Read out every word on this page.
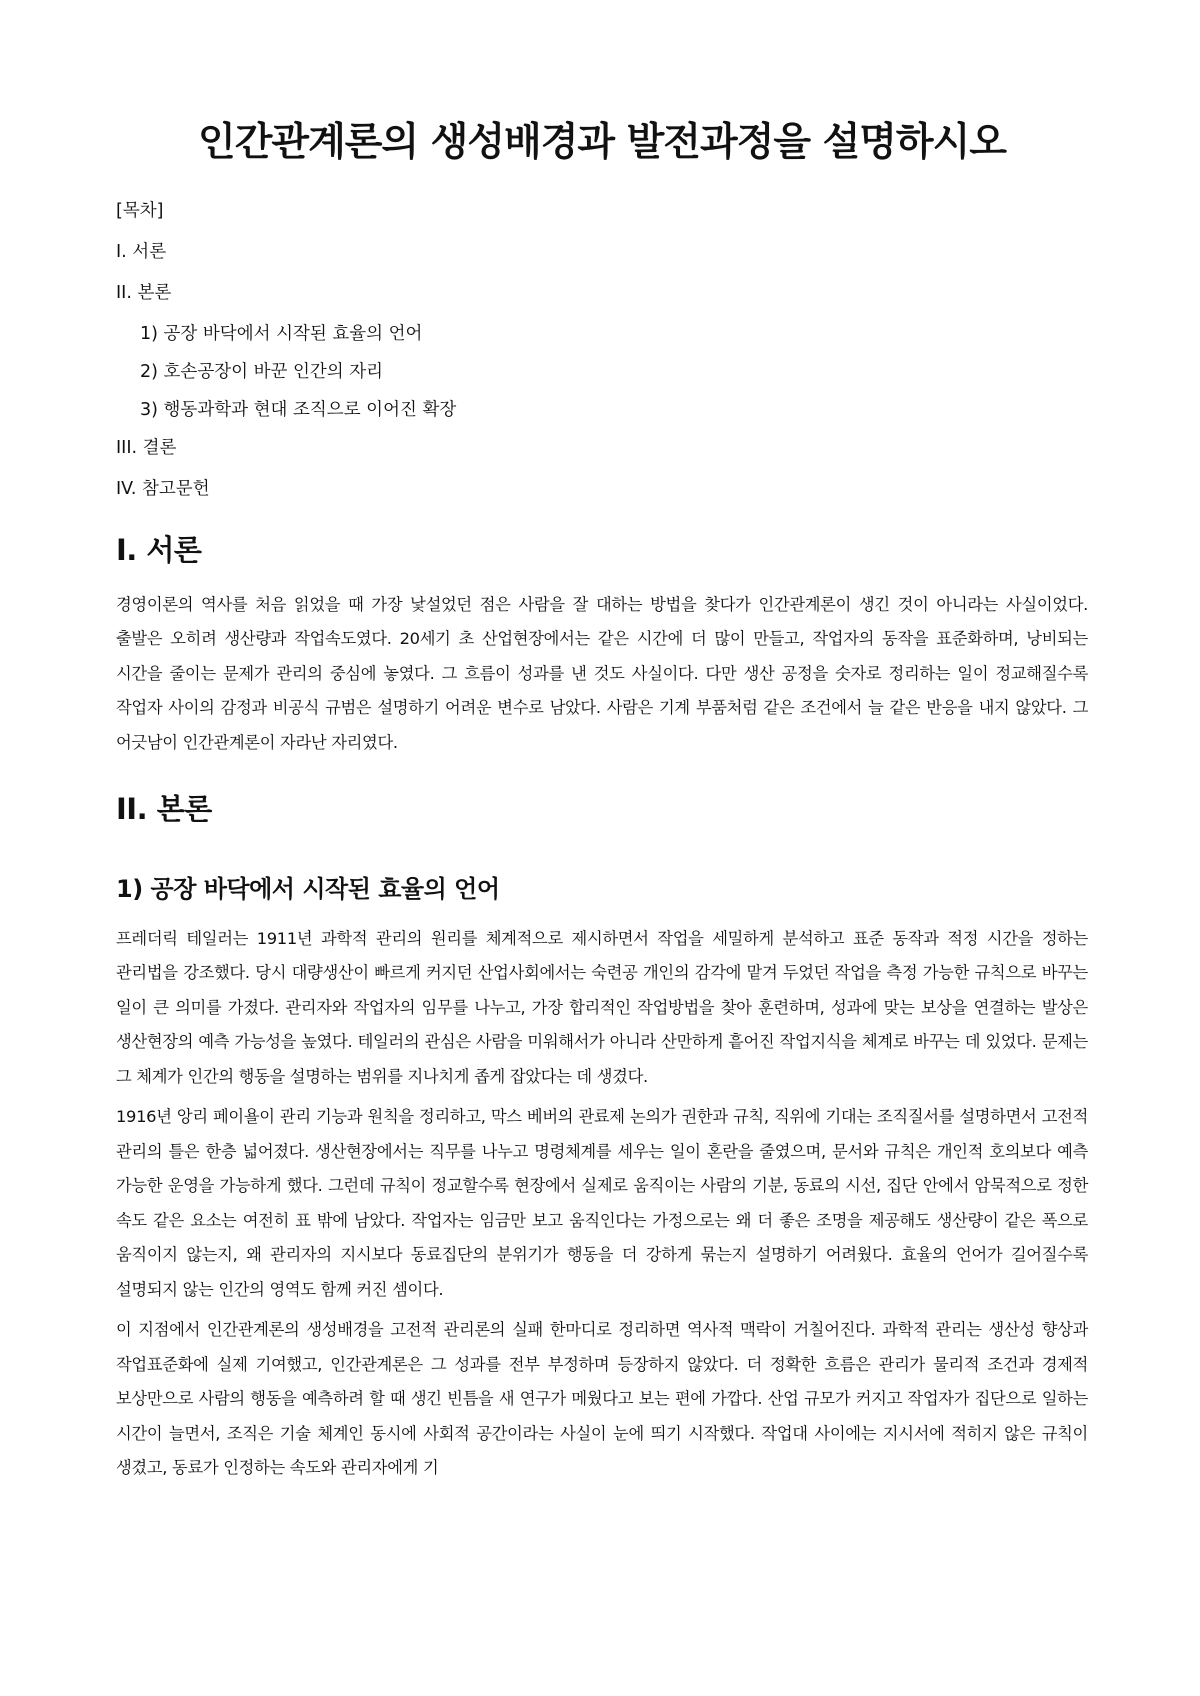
인간관계론의 생성배경과 발전과정을 설명하시오
[목차]
I. 서론
II. 본론
1) 공장 바닥에서 시작된 효율의 언어
2) 호손공장이 바꾼 인간의 자리
3) 행동과학과 현대 조직으로 이어진 확장
III. 결론
IV. 참고문헌
I. 서론

경영이론의 역사를 처음 읽었을 때 가장 낯설었던 점은 사람을 잘 대하는 방법을 찾다가 인간관계론이 생긴 것이 아니라는 사실이었다. 출발은 오히려 생산량과 작업속도였다. 20세기 초 산업현장에서는 같은 시간에 더 많이 만들고, 작업자의 동작을 표준화하며, 낭비되는 시간을 줄이는 문제가 관리의 중심에 놓였다. 그 흐름이 성과를 낸 것도 사실이다. 다만 생산 공정을 숫자로 정리하는 일이 정교해질수록 작업자 사이의 감정과 비공식 규범은 설명하기 어려운 변수로 남았다. 사람은 기계 부품처럼 같은 조건에서 늘 같은 반응을 내지 않았다. 그 어긋남이 인간관계론이 자라난 자리였다.

II. 본론
1) 공장 바닥에서 시작된 효율의 언어

프레더릭 테일러는 1911년 과학적 관리의 원리를 체계적으로 제시하면서 작업을 세밀하게 분석하고 표준 동작과 적정 시간을 정하는 관리법을 강조했다. 당시 대량생산이 빠르게 커지던 산업사회에서는 숙련공 개인의 감각에 맡겨 두었던 작업을 측정 가능한 규칙으로 바꾸는 일이 큰 의미를 가졌다. 관리자와 작업자의 임무를 나누고, 가장 합리적인 작업방법을 찾아 훈련하며, 성과에 맞는 보상을 연결하는 발상은 생산현장의 예측 가능성을 높였다. 테일러의 관심은 사람을 미워해서가 아니라 산만하게 흩어진 작업지식을 체계로 바꾸는 데 있었다. 문제는 그 체계가 인간의 행동을 설명하는 범위를 지나치게 좁게 잡았다는 데 생겼다.

1916년 앙리 페이욜이 관리 기능과 원칙을 정리하고, 막스 베버의 관료제 논의가 권한과 규칙, 직위에 기대는 조직질서를 설명하면서 고전적 관리의 틀은 한층 넓어졌다. 생산현장에서는 직무를 나누고 명령체계를 세우는 일이 혼란을 줄였으며, 문서와 규칙은 개인적 호의보다 예측 가능한 운영을 가능하게 했다. 그런데 규칙이 정교할수록 현장에서 실제로 움직이는 사람의 기분, 동료의 시선, 집단 안에서 암묵적으로 정한 속도 같은 요소는 여전히 표 밖에 남았다. 작업자는 임금만 보고 움직인다는 가정으로는 왜 더 좋은 조명을 제공해도 생산량이 같은 폭으로 움직이지 않는지, 왜 관리자의 지시보다 동료집단의 분위기가 행동을 더 강하게 묶는지 설명하기 어려웠다. 효율의 언어가 길어질수록 설명되지 않는 인간의 영역도 함께 커진 셈이다.

이 지점에서 인간관계론의 생성배경을 고전적 관리론의 실패 한마디로 정리하면 역사적 맥락이 거칠어진다. 과학적 관리는 생산성 향상과 작업표준화에 실제 기여했고, 인간관계론은 그 성과를 전부 부정하며 등장하지 않았다. 더 정확한 흐름은 관리가 물리적 조건과 경제적 보상만으로 사람의 행동을 예측하려 할 때 생긴 빈틈을 새 연구가 메웠다고 보는 편에 가깝다. 산업 규모가 커지고 작업자가 집단으로 일하는 시간이 늘면서, 조직은 기술 체계인 동시에 사회적 공간이라는 사실이 눈에 띄기 시작했다. 작업대 사이에는 지시서에 적히지 않은 규칙이 생겼고, 동료가 인정하는 속도와 관리자에게 기
